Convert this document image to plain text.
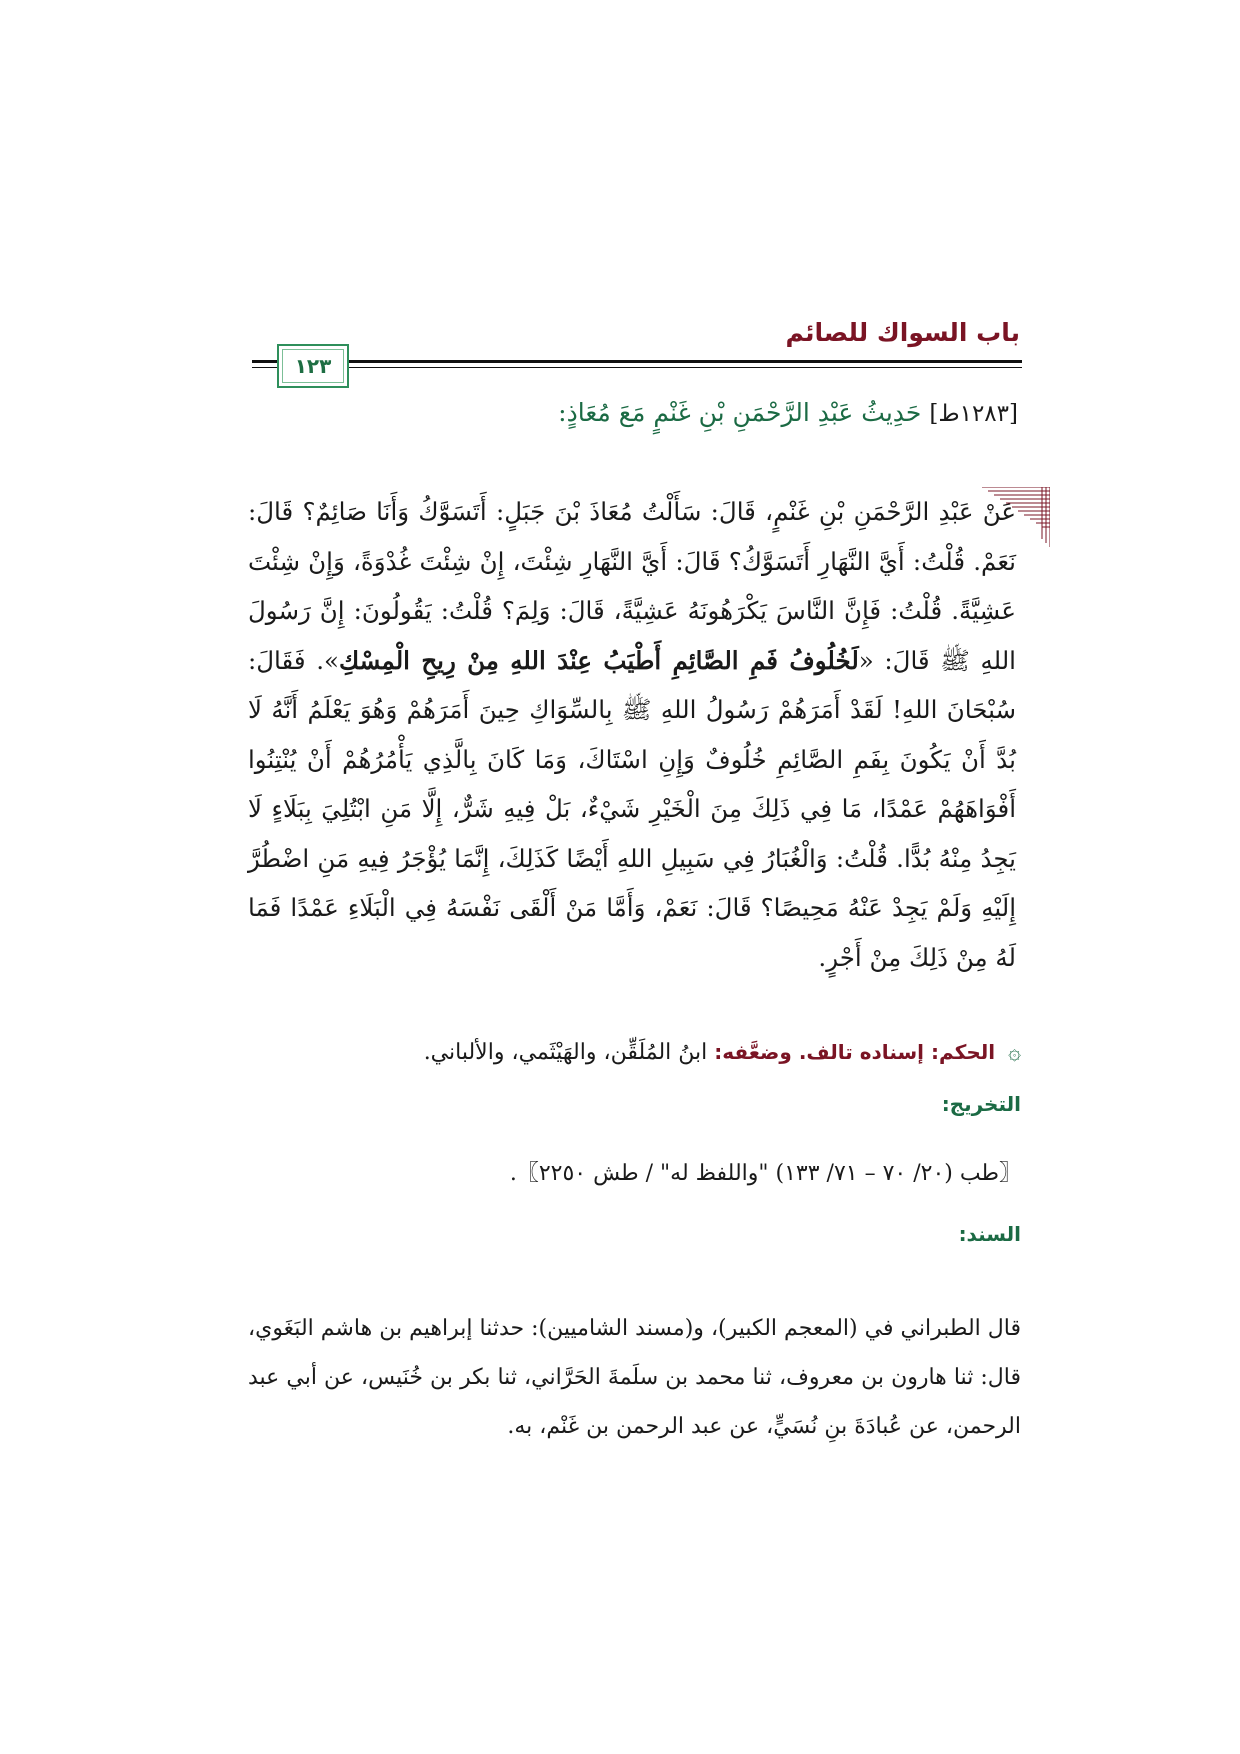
باب السواك للصائم
١٢٣
[١٢٨٣ط] حَدِيثُ عَبْدِ الرَّحْمَنِ بْنِ غَنْمٍ مَعَ مُعَاذٍ:

عَنْ عَبْدِ الرَّحْمَنِ بْنِ غَنْمٍ، قَالَ: سَأَلْتُ مُعَاذَ بْنَ جَبَلٍ: أَتَسَوَّكُ وَأَنَا صَائِمٌ؟ قَالَ: نَعَمْ. قُلْتُ: أَيَّ النَّهَارِ أَتَسَوَّكُ؟ قَالَ: أَيَّ النَّهَارِ شِئْتَ، إِنْ شِئْتَ غُدْوَةً، وَإِنْ شِئْتَ عَشِيَّةً. قُلْتُ: فَإِنَّ النَّاسَ يَكْرَهُونَهُ عَشِيَّةً، قَالَ: وَلِمَ؟ قُلْتُ: يَقُولُونَ: إِنَّ رَسُولَ اللهِ ﷺ قَالَ: «لَخُلُوفُ فَمِ الصَّائِمِ أَطْيَبُ عِنْدَ اللهِ مِنْ رِيحِ الْمِسْكِ». فَقَالَ: سُبْحَانَ اللهِ! لَقَدْ أَمَرَهُمْ رَسُولُ اللهِ ﷺ بِالسِّوَاكِ حِينَ أَمَرَهُمْ وَهُوَ يَعْلَمُ أَنَّهُ لَا بُدَّ أَنْ يَكُونَ بِفَمِ الصَّائِمِ خُلُوفٌ وَإِنِ اسْتَاكَ، وَمَا كَانَ بِالَّذِي يَأْمُرُهُمْ أَنْ يُنْتِنُوا أَفْوَاهَهُمْ عَمْدًا، مَا فِي ذَلِكَ مِنَ الْخَيْرِ شَيْءٌ، بَلْ فِيهِ شَرٌّ، إِلَّا مَنِ ابْتُلِيَ بِبَلَاءٍ لَا يَجِدُ مِنْهُ بُدًّا. قُلْتُ: وَالْغُبَارُ فِي سَبِيلِ اللهِ أَيْضًا كَذَلِكَ، إِنَّمَا يُؤْجَرُ فِيهِ مَنِ اضْطُرَّ إِلَيْهِ وَلَمْ يَجِدْ عَنْهُ مَحِيصًا؟ قَالَ: نَعَمْ، وَأَمَّا مَنْ أَلْقَى نَفْسَهُ فِي الْبَلَاءِ عَمْدًا فَمَا لَهُ مِنْ ذَلِكَ مِنْ أَجْرٍ.

۞ الحكم: إسناده تالف. وضعَّفه: ابنُ المُلَقِّن، والهَيْثَمي، والألباني.
التخريج:
〖طب (٢٠/ ٧٠ – ٧١/ ١٣٣) "واللفظ له" / طش ٢٢٥٠〗.
السند:

قال الطبراني في (المعجم الكبير)، و(مسند الشاميين): حدثنا إبراهيم بن هاشم البَغَوي، قال: ثنا هارون بن معروف، ثنا محمد بن سلَمةَ الحَرَّاني، ثنا بكر بن خُنَيس، عن أبي عبد الرحمن، عن عُبادَةَ بنِ نُسَيٍّ، عن عبد الرحمن بن غَنْم، به.
